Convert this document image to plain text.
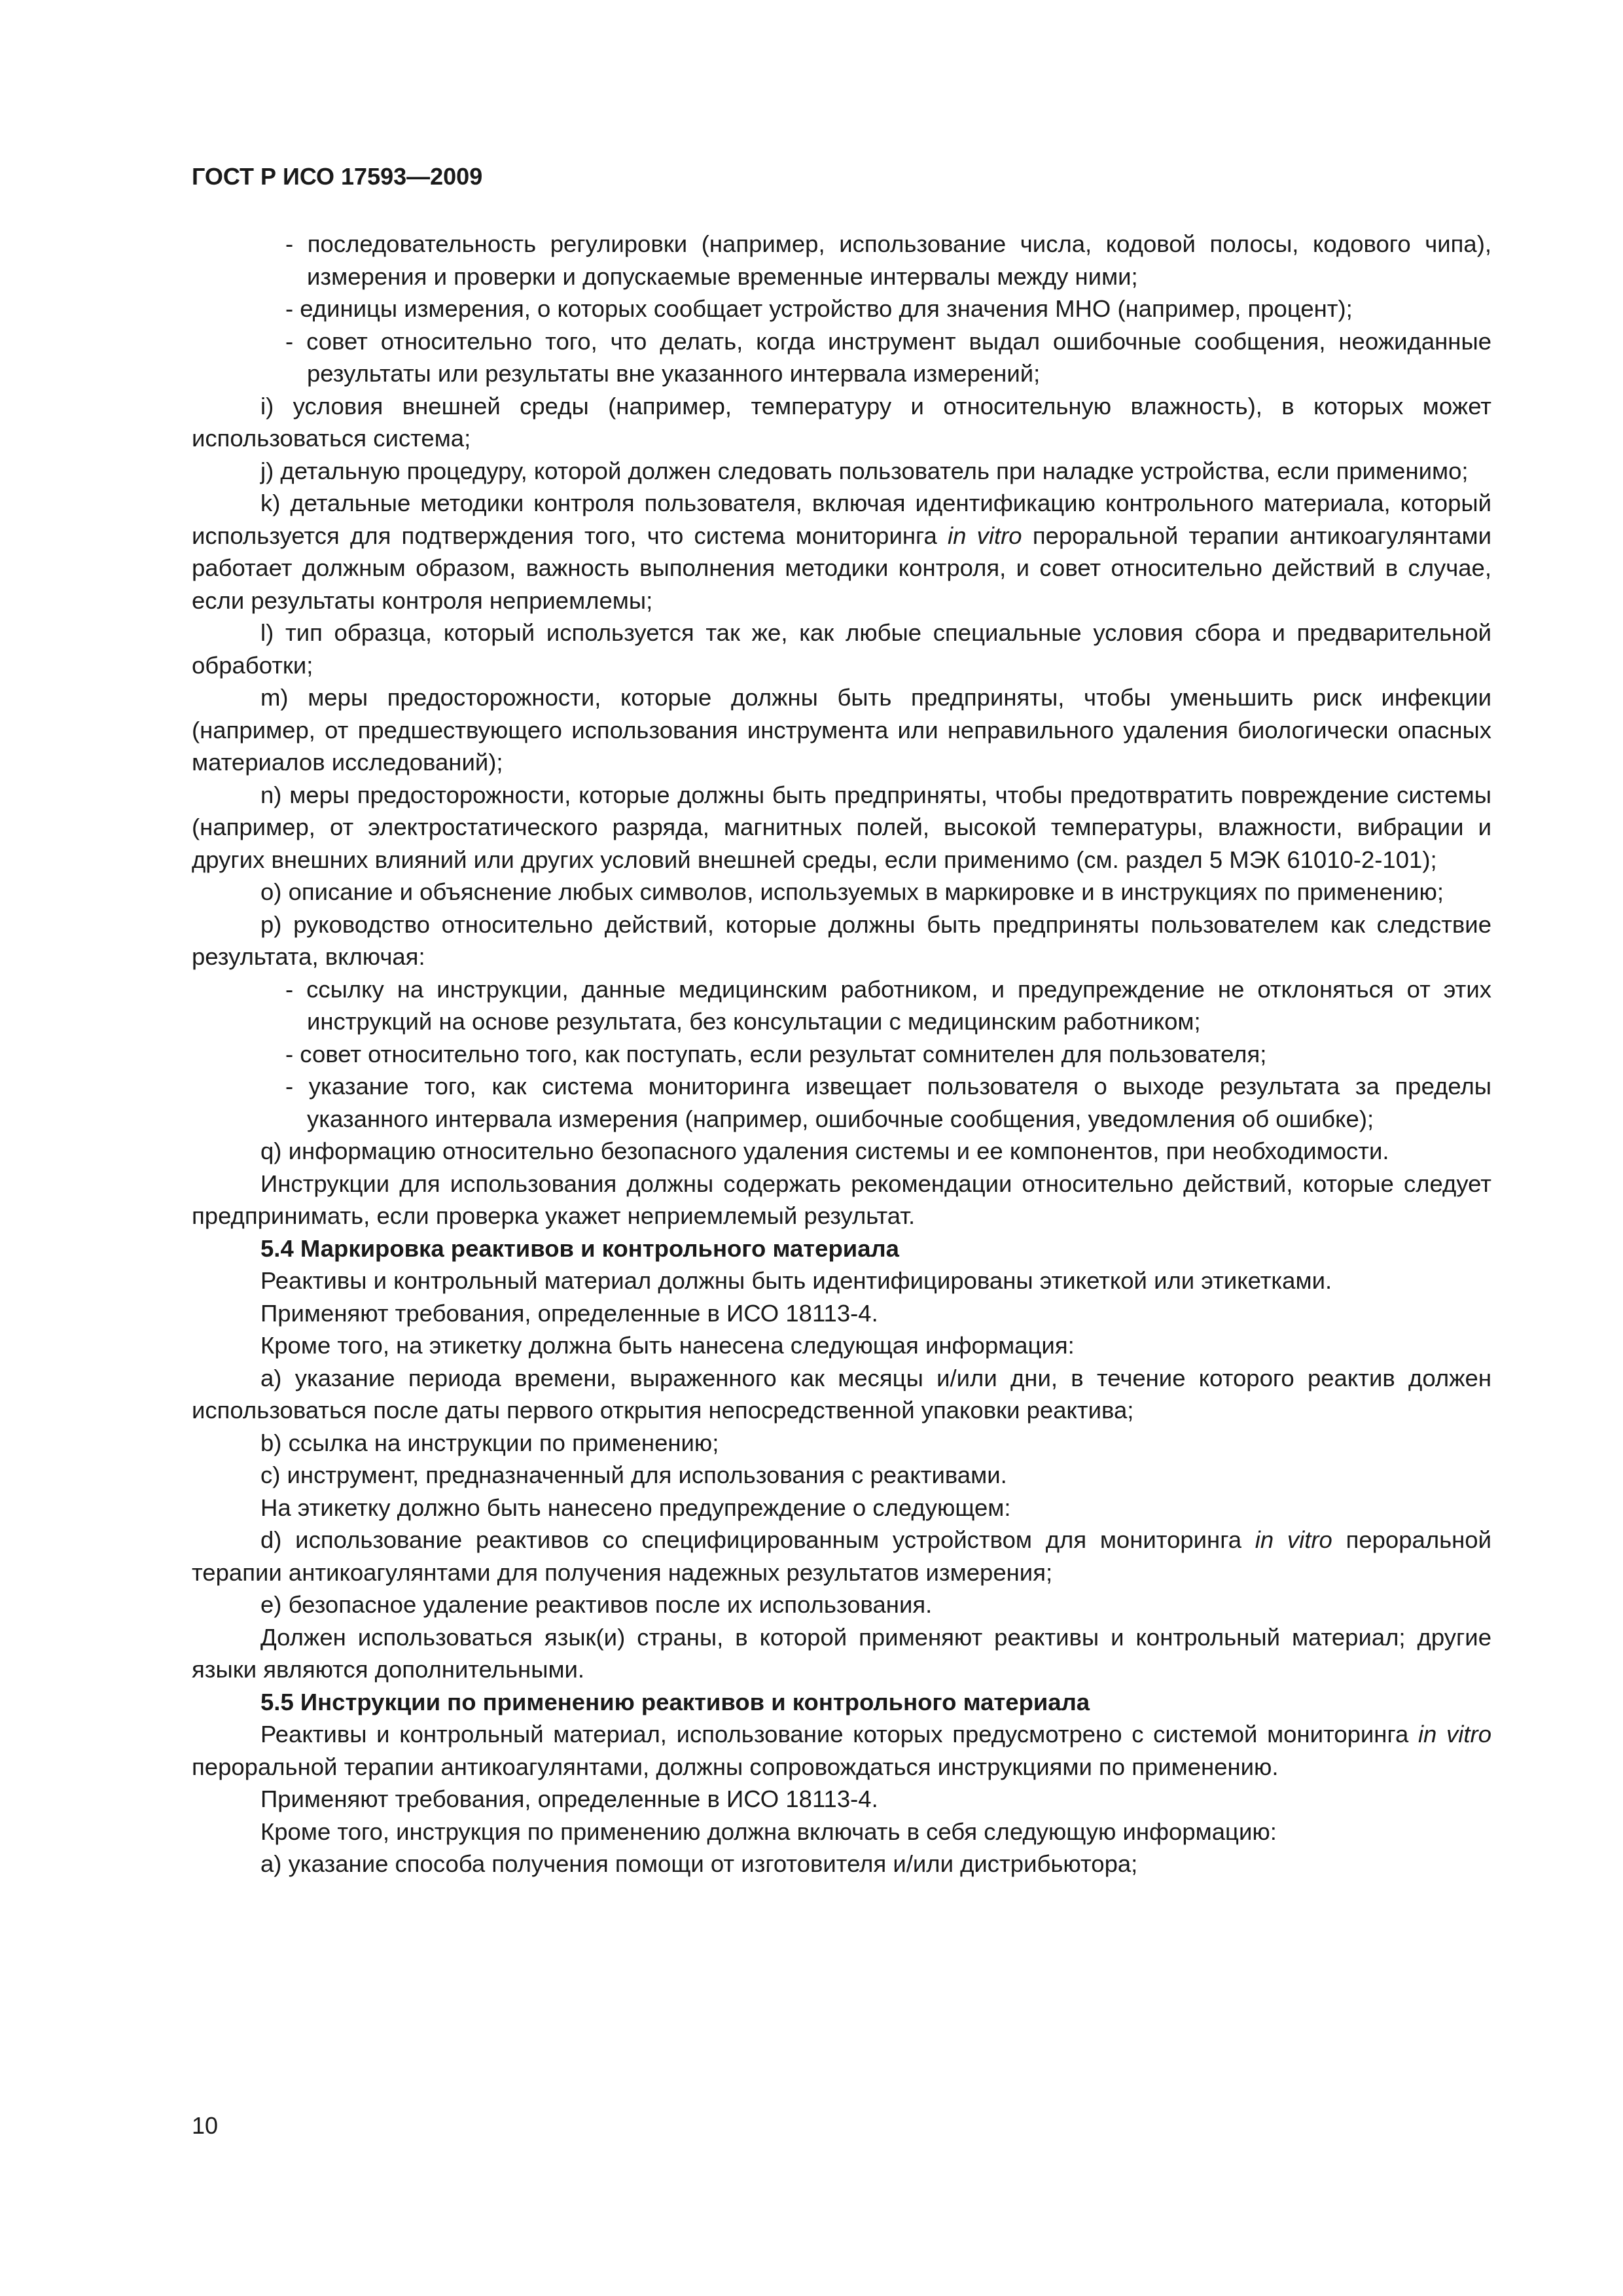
ГОСТ Р ИСО 17593—2009

- последовательность регулировки (например, использование числа, кодовой полосы, кодового чипа), измерения и проверки и допускаемые временные интервалы между ними;

- единицы измерения, о которых сообщает устройство для значения МНО (например, процент);

- совет относительно того, что делать, когда инструмент выдал ошибочные сообщения, неожиданные результаты или результаты вне указанного интервала измерений;

i) условия внешней среды (например, температуру и относительную влажность), в которых может использоваться система;

j) детальную процедуру, которой должен следовать пользователь при наладке устройства, если применимо;

k) детальные методики контроля пользователя, включая идентификацию контрольного материала, который используется для подтверждения того, что система мониторинга in vitro пероральной терапии антикоагулянтами работает должным образом, важность выполнения методики контроля, и совет относительно действий в случае, если результаты контроля неприемлемы;

l) тип образца, который используется так же, как любые специальные условия сбора и предварительной обработки;

m) меры предосторожности, которые должны быть предприняты, чтобы уменьшить риск инфекции (например, от предшествующего использования инструмента или неправильного удаления биологически опасных материалов исследований);

n) меры предосторожности, которые должны быть предприняты, чтобы предотвратить повреждение системы (например, от электростатического разряда, магнитных полей, высокой температуры, влажности, вибрации и других внешних влияний или других условий внешней среды, если применимо (см. раздел 5 МЭК 61010-2-101);

o) описание и объяснение любых символов, используемых в маркировке и в инструкциях по применению;

p) руководство относительно действий, которые должны быть предприняты пользователем как следствие результата, включая:

- ссылку на инструкции, данные медицинским работником, и предупреждение не отклоняться от этих инструкций на основе результата, без консультации с медицинским работником;

- совет относительно того, как поступать, если результат сомнителен для пользователя;

- указание того, как система мониторинга извещает пользователя о выходе результата за пределы указанного интервала измерения (например, ошибочные сообщения, уведомления об ошибке);

q) информацию относительно безопасного удаления системы и ее компонентов, при необходимости.

Инструкции для использования должны содержать рекомендации относительно действий, которые следует предпринимать, если проверка укажет неприемлемый результат.

5.4 Маркировка реактивов и контрольного материала

Реактивы и контрольный материал должны быть идентифицированы этикеткой или этикетками.

Применяют требования, определенные в ИСО 18113-4.

Кроме того, на этикетку должна быть нанесена следующая информация:

a) указание периода времени, выраженного как месяцы и/или дни, в течение которого реактив должен использоваться после даты первого открытия непосредственной упаковки реактива;

b) ссылка на инструкции по применению;

c) инструмент, предназначенный для использования с реактивами.

На этикетку должно быть нанесено предупреждение о следующем:

d) использование реактивов со специфицированным устройством для мониторинга in vitro пероральной терапии антикоагулянтами для получения надежных результатов измерения;

e) безопасное удаление реактивов после их использования.

Должен использоваться язык(и) страны, в которой применяют реактивы и контрольный материал; другие языки являются дополнительными.

5.5 Инструкции по применению реактивов и контрольного материала

Реактивы и контрольный материал, использование которых предусмотрено с системой мониторинга in vitro пероральной терапии антикоагулянтами, должны сопровождаться инструкциями по применению.

Применяют требования, определенные в ИСО 18113-4.

Кроме того, инструкция по применению должна включать в себя следующую информацию:

a) указание способа получения помощи от изготовителя и/или дистрибьютора;

10
